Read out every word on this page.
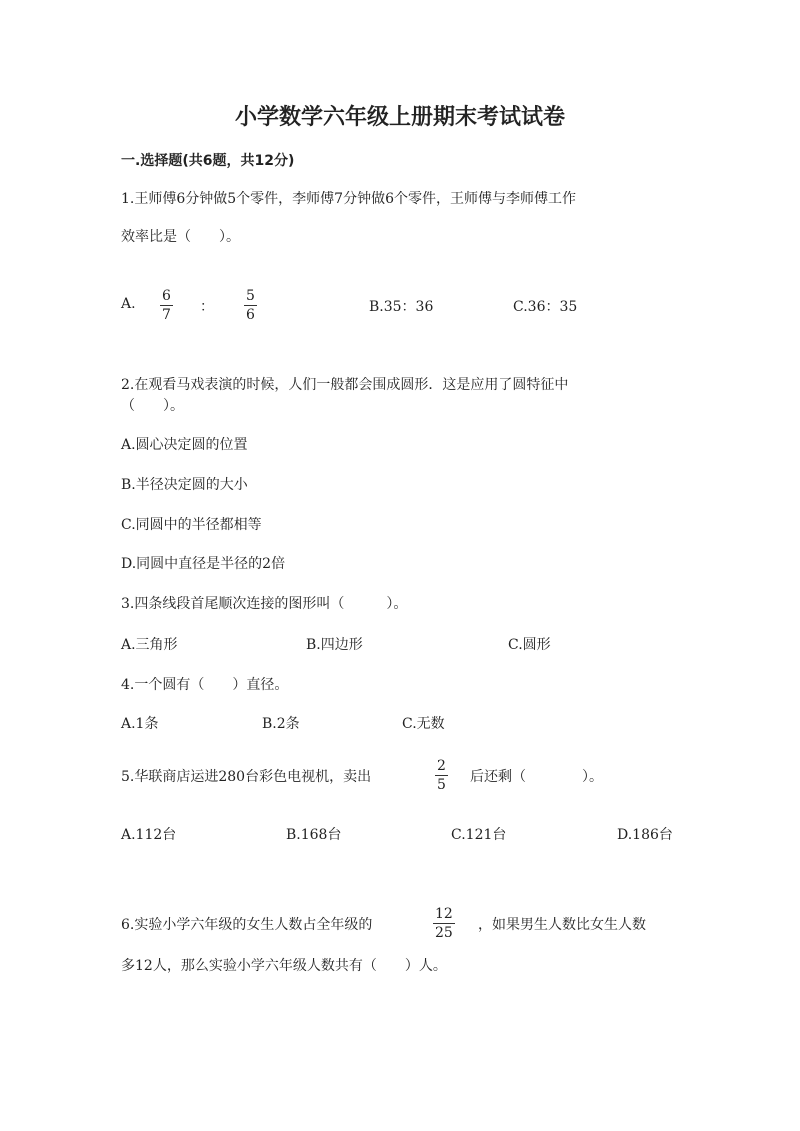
小学数学六年级上册期末考试试卷
一.选择题(共6题，共12分)
1.王师傅6分钟做5个零件，李师傅7分钟做6个零件，王师傅与李师傅工作
效率比是（　　）。
A. 6
7 ：
5
6	B.35：36	C.36：35
2.在观看马戏表演的时候，人们一般都会围成圆形．这是应用了圆特征中
（　　）。
A.圆心决定圆的位置
B.半径决定圆的大小
C.同圆中的半径都相等
D.同圆中直径是半径的2倍
3.四条线段首尾顺次连接的图形叫（　　　）。
A.三角形	B.四边形	C.圆形
4.一个圆有（　　）直径。
A.1条	B.2条	C.无数
5.华联商店运进280台彩色电视机，卖出
2
5 后还剩（　　　　）。
A.112台	B.168台	C.121台	D.186台
6.实验小学六年级的女生人数占全年级的
12
25 ，如果男生人数比女生人数
多12人，那么实验小学六年级人数共有（　　）人。
